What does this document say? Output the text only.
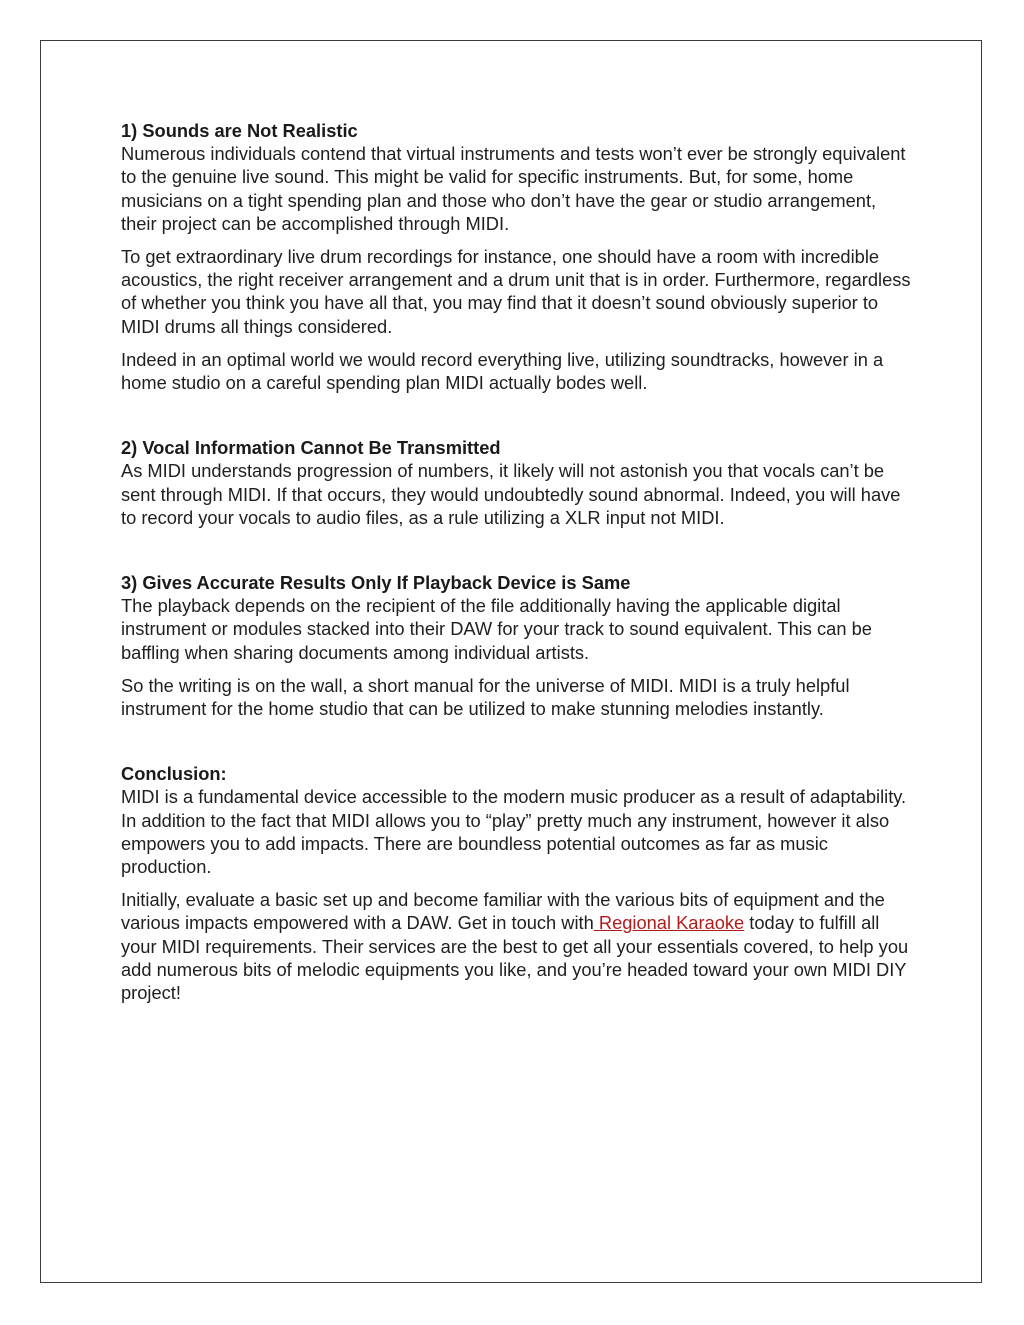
1) Sounds are Not Realistic

Numerous individuals contend that virtual instruments and tests won’t ever be strongly equivalent to the genuine live sound. This might be valid for specific instruments. But, for some, home musicians on a tight spending plan and those who don’t have the gear or studio arrangement, their project can be accomplished through MIDI.

To get extraordinary live drum recordings for instance, one should have a room with incredible acoustics, the right receiver arrangement and a drum unit that is in order. Furthermore, regardless of whether you think you have all that, you may find that it doesn’t sound obviously superior to MIDI drums all things considered.

Indeed in an optimal world we would record everything live, utilizing soundtracks, however in a home studio on a careful spending plan MIDI actually bodes well.

2) Vocal Information Cannot Be Transmitted

As MIDI understands progression of numbers, it likely will not astonish you that vocals can’t be sent through MIDI. If that occurs, they would undoubtedly sound abnormal. Indeed, you will have to record your vocals to audio files, as a rule utilizing a XLR input not MIDI.

3) Gives Accurate Results Only If Playback Device is Same

The playback depends on the recipient of the file additionally having the applicable digital instrument or modules stacked into their DAW for your track to sound equivalent. This can be baffling when sharing documents among individual artists.

So the writing is on the wall, a short manual for the universe of MIDI. MIDI is a truly helpful instrument for the home studio that can be utilized to make stunning melodies instantly.

Conclusion:

MIDI is a fundamental device accessible to the modern music producer as a result of adaptability. In addition to the fact that MIDI allows you to “play” pretty much any instrument, however it also empowers you to add impacts. There are boundless potential outcomes as far as music production.

Initially, evaluate a basic set up and become familiar with the various bits of equipment and the various impacts empowered with a DAW. Get in touch with Regional Karaoke today to fulfill all your MIDI requirements. Their services are the best to get all your essentials covered, to help you add numerous bits of melodic equipments you like, and you’re headed toward your own MIDI DIY project!
